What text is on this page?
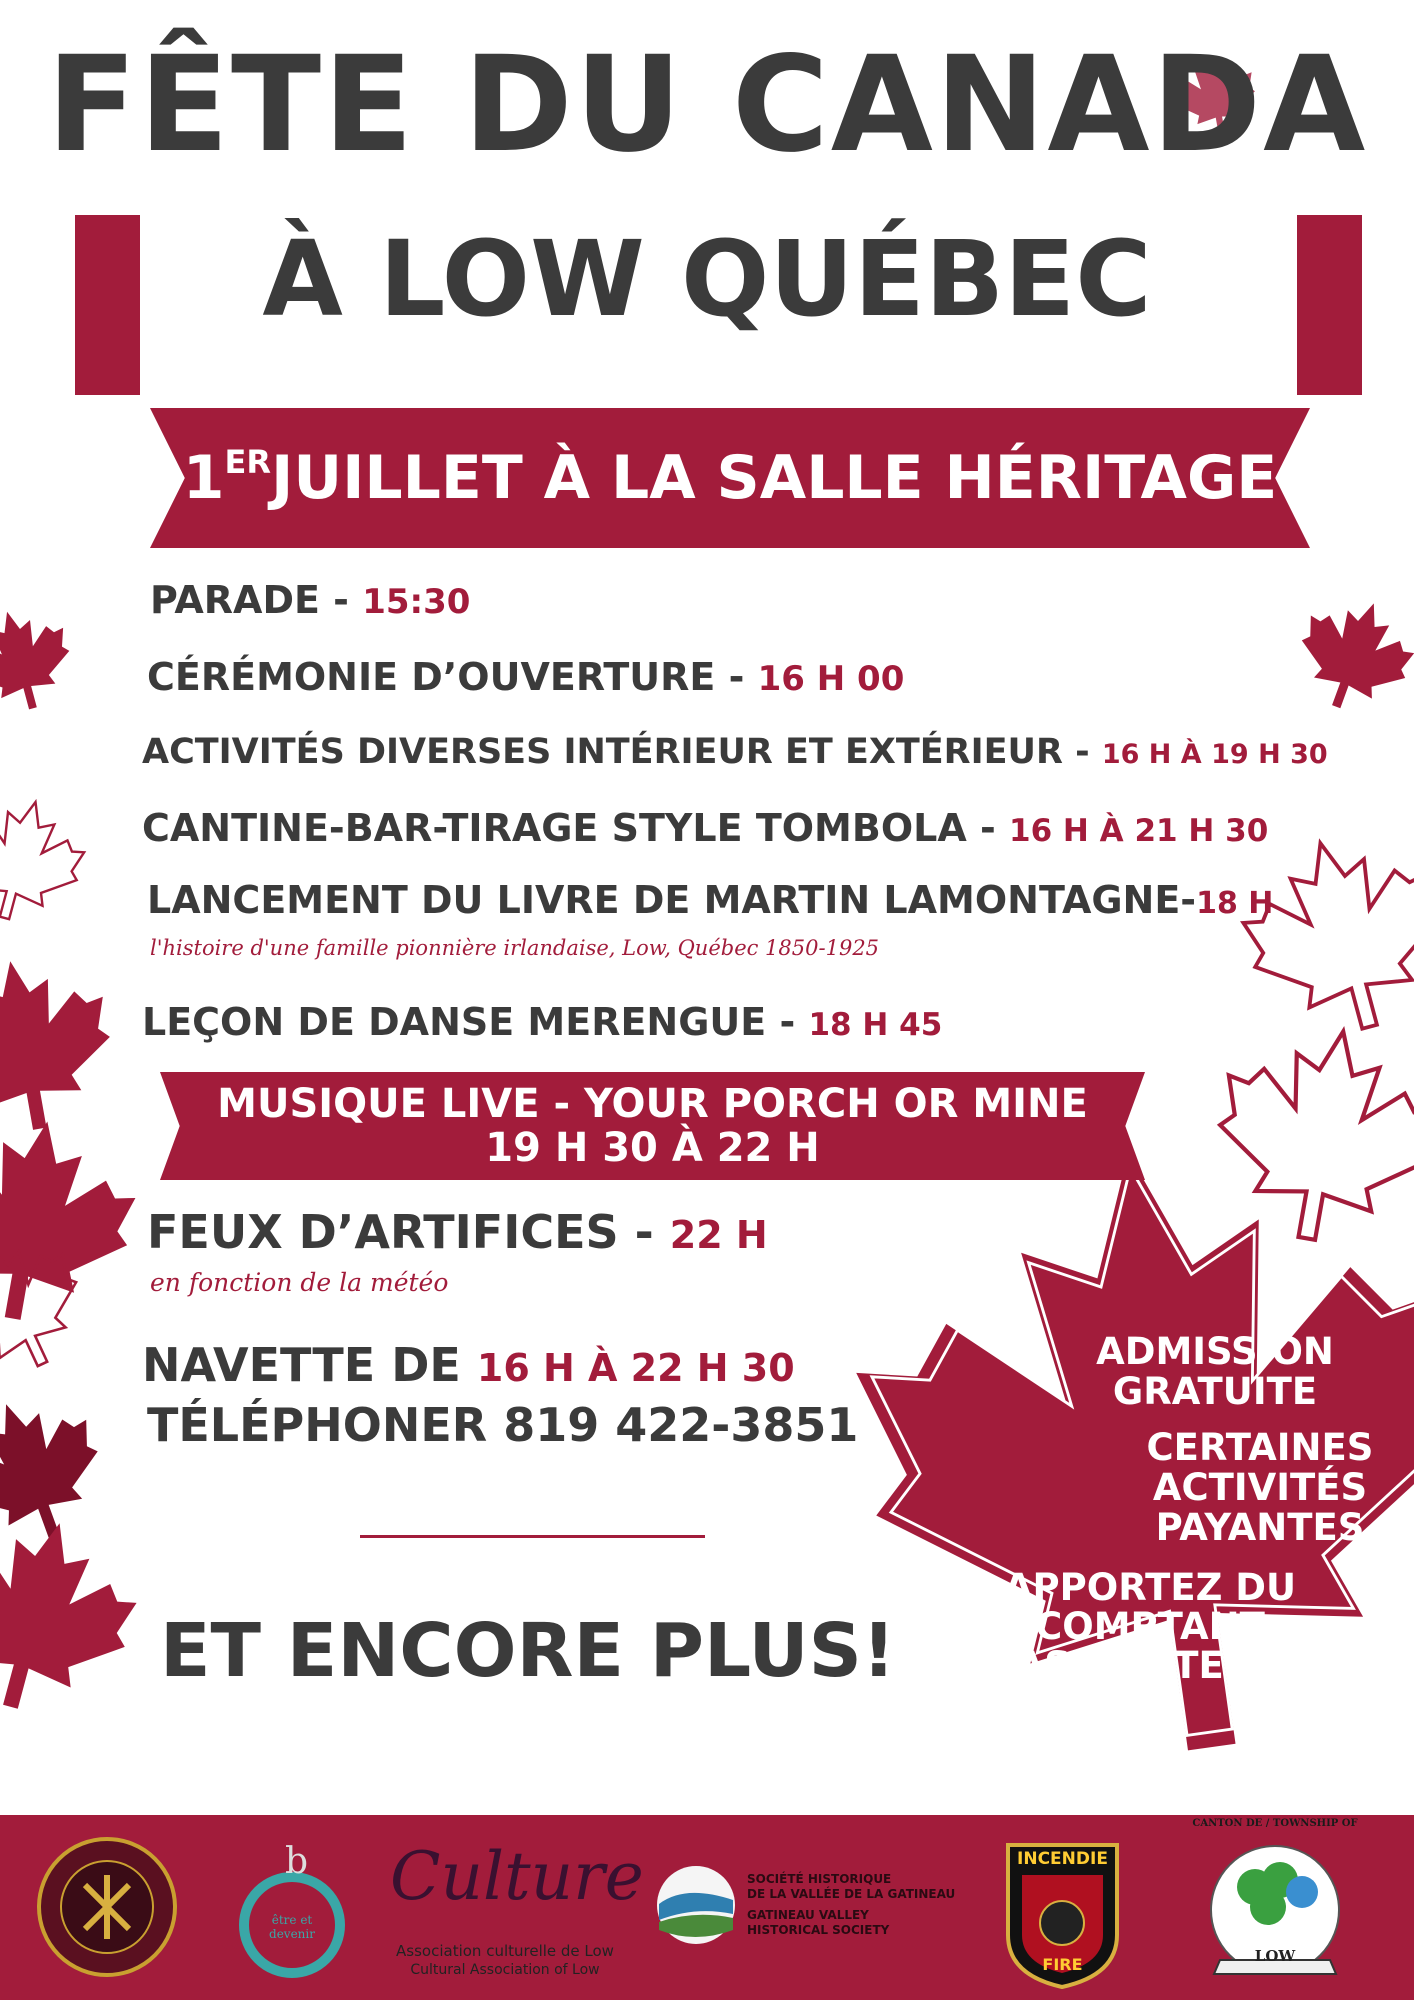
FÊTE DU CANADA
À LOW QUÉBEC
1ER JUILLET À LA SALLE HÉRITAGE
PARADE - 15:30
CÉRÉMONIE D’OUVERTURE - 16 H 00
ACTIVITÉS DIVERSES INTÉRIEUR ET EXTÉRIEUR - 16 H À 19 H 30
CANTINE-BAR-TIRAGE STYLE TOMBOLA - 16 H À 21 H 30
LANCEMENT DU LIVRE DE MARTIN LAMONTAGNE-18 H
l'histoire d'une famille pionnière irlandaise, Low, Québec 1850-1925
LEÇON DE DANSE MERENGUE - 18 H 45
MUSIQUE LIVE - YOUR PORCH OR MINE
19 H 30 À 22 H
FEUX D’ARTIFICES - 22 H
en fonction de la météo
NAVETTE DE 16 H À 22 H 30
TÉLÉPHONER 819 422-3851
ET ENCORE PLUS!
ADMISSION
GRATUITE
CERTAINES
ACTIVITÉS
PAYANTES
APPORTEZ DU
COMPTANT
PAS D’INTERAC
b
être et devenir
Culture
Association culturelle de Low
Cultural Association of Low
SOCIÉTÉ HISTORIQUE
DE LA VALLÉE DE LA GATINEAU
GATINEAU VALLEY
HISTORICAL SOCIETY
INCENDIE
FIRE
CANTON DE / TOWNSHIP OF
LOW
